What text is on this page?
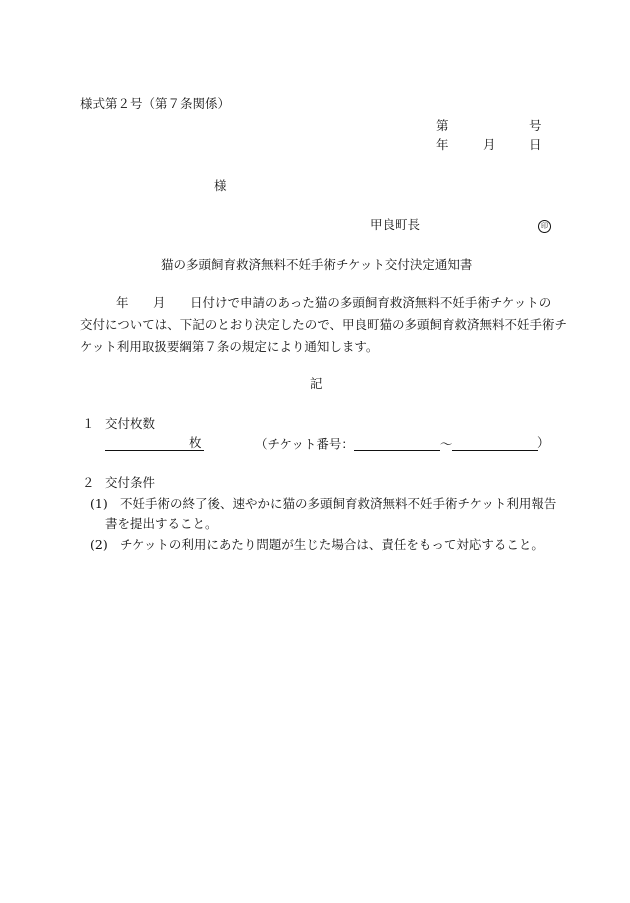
様式第２号（第７条関係）
第	号
年	月	日
様
甲良町長	印
猫の多頭飼育救済無料不妊手術チケット交付決定通知書
年 月 日付けで申請のあった猫の多頭飼育救済無料不妊手術チケットの
交付については、下記のとおり決定したので、甲良町猫の多頭飼育救済無料不妊手術チ
ケット利用取扱要綱第７条の規定により通知します。
記
１ 交付枚数
枚	（チケット番号：	～	）
２ 交付条件
(1) 不妊手術の終了後、速やかに猫の多頭飼育救済無料不妊手術チケット利用報告
書を提出すること。
(2) チケットの利用にあたり問題が生じた場合は、責任をもって対応すること。
